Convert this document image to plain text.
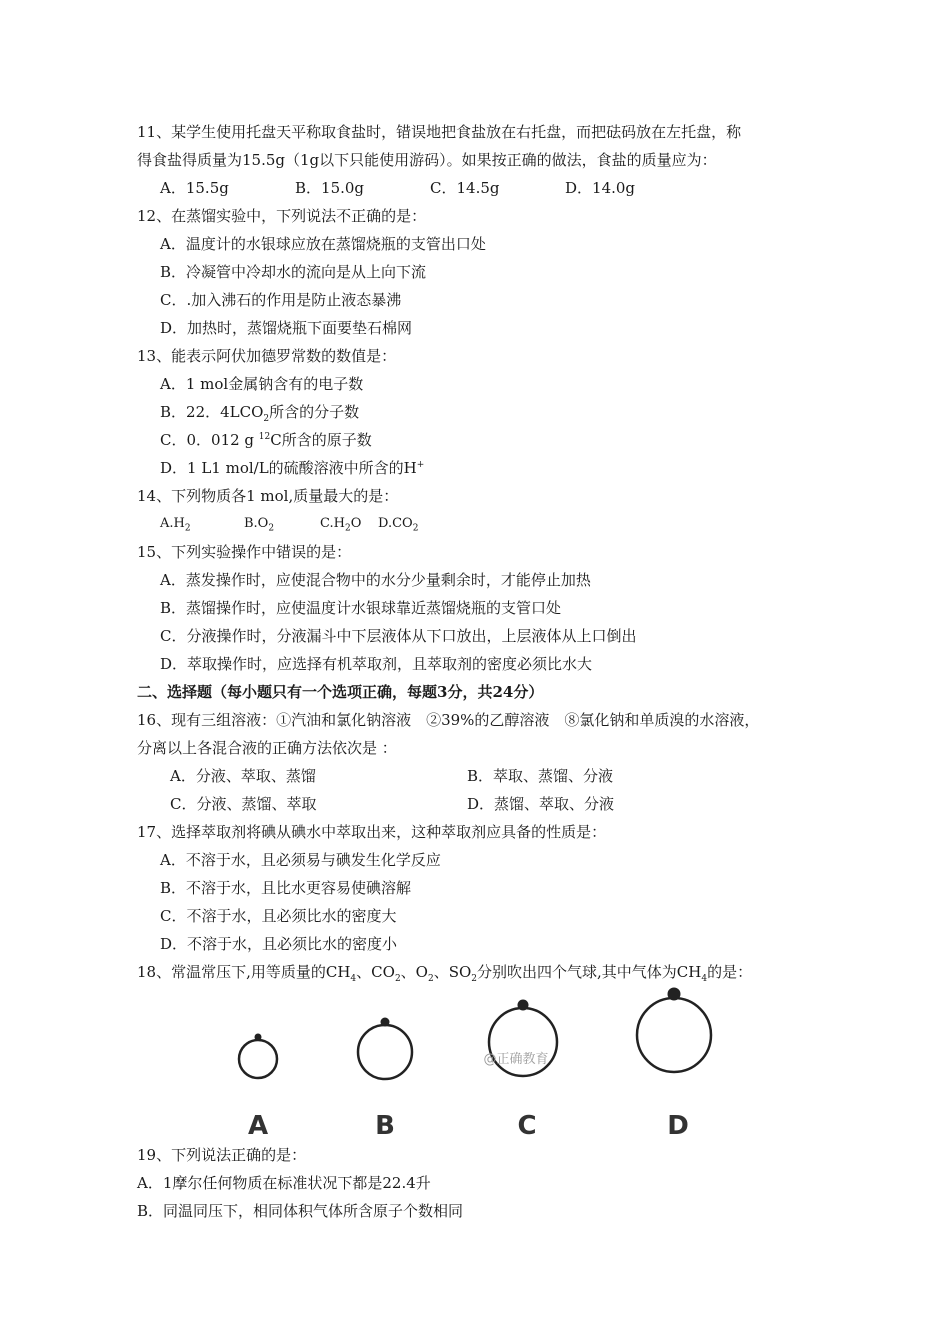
11、某学生使用托盘天平称取食盐时，错误地把食盐放在右托盘，而把砝码放在左托盘，称
得食盐得质量为15.5g（1g以下只能使用游码）。如果按正确的做法，食盐的质量应为：
A．15.5g	B．15.0g	C．14.5g	D．14.0g
12、在蒸馏实验中，下列说法不正确的是：
A．温度计的水银球应放在蒸馏烧瓶的支管出口处
B．冷凝管中冷却水的流向是从上向下流
C．.加入沸石的作用是防止液态暴沸
D．加热时，蒸馏烧瓶下面要垫石棉网
13、能表示阿伏加德罗常数的数值是：
A．1 mol金属钠含有的电子数
B．22．$4LCO_2$所含的分子数
C．0．012 g $^{12}$C所含的原子数
D．1 L1 mol/L的硫酸溶液中所含的H+
14、下列物质各1 mol,质量最大的是：
$A.H_2$	$B.O_2$	$C.H_2O$ $D.CO_2$
15、下列实验操作中错误的是：
A．蒸发操作时，应使混合物中的水分少量剩余时，才能停止加热
B．蒸馏操作时，应使温度计水银球靠近蒸馏烧瓶的支管口处
C．分液操作时，分液漏斗中下层液体从下口放出，上层液体从上口倒出
D．萃取操作时，应选择有机萃取剂，且萃取剂的密度必须比水大
二、选择题（每小题只有一个选项正确，每题3分，共24分）
16、现有三组溶液：①汽油和氯化钠溶液　②39%的乙醇溶液　⑧氯化钠和单质溴的水溶液，
分离以上各混合液的正确方法依次是 ：
A．分液、萃取、蒸馏	B．萃取、蒸馏、分液
C．分液、蒸馏、萃取	D．蒸馏、萃取、分液
17、选择萃取剂将碘从碘水中萃取出来，这种萃取剂应具备的性质是：
A．不溶于水，且必须易与碘发生化学反应
B．不溶于水，且比水更容易使碘溶解
C．不溶于水，且必须比水的密度大
D．不溶于水，且必须比水的密度小
18、常温常压下,用等质量的$CH_4$、$CO_2$、$O_2$、$SO_2$分别吹出四个气球,其中气体为$CH_4$的是：
@正确教育
A	B	C	D
19、下列说法正确的是：
A．1摩尔任何物质在标准状况下都是22.4升
B．同温同压下，相同体积气体所含原子个数相同
